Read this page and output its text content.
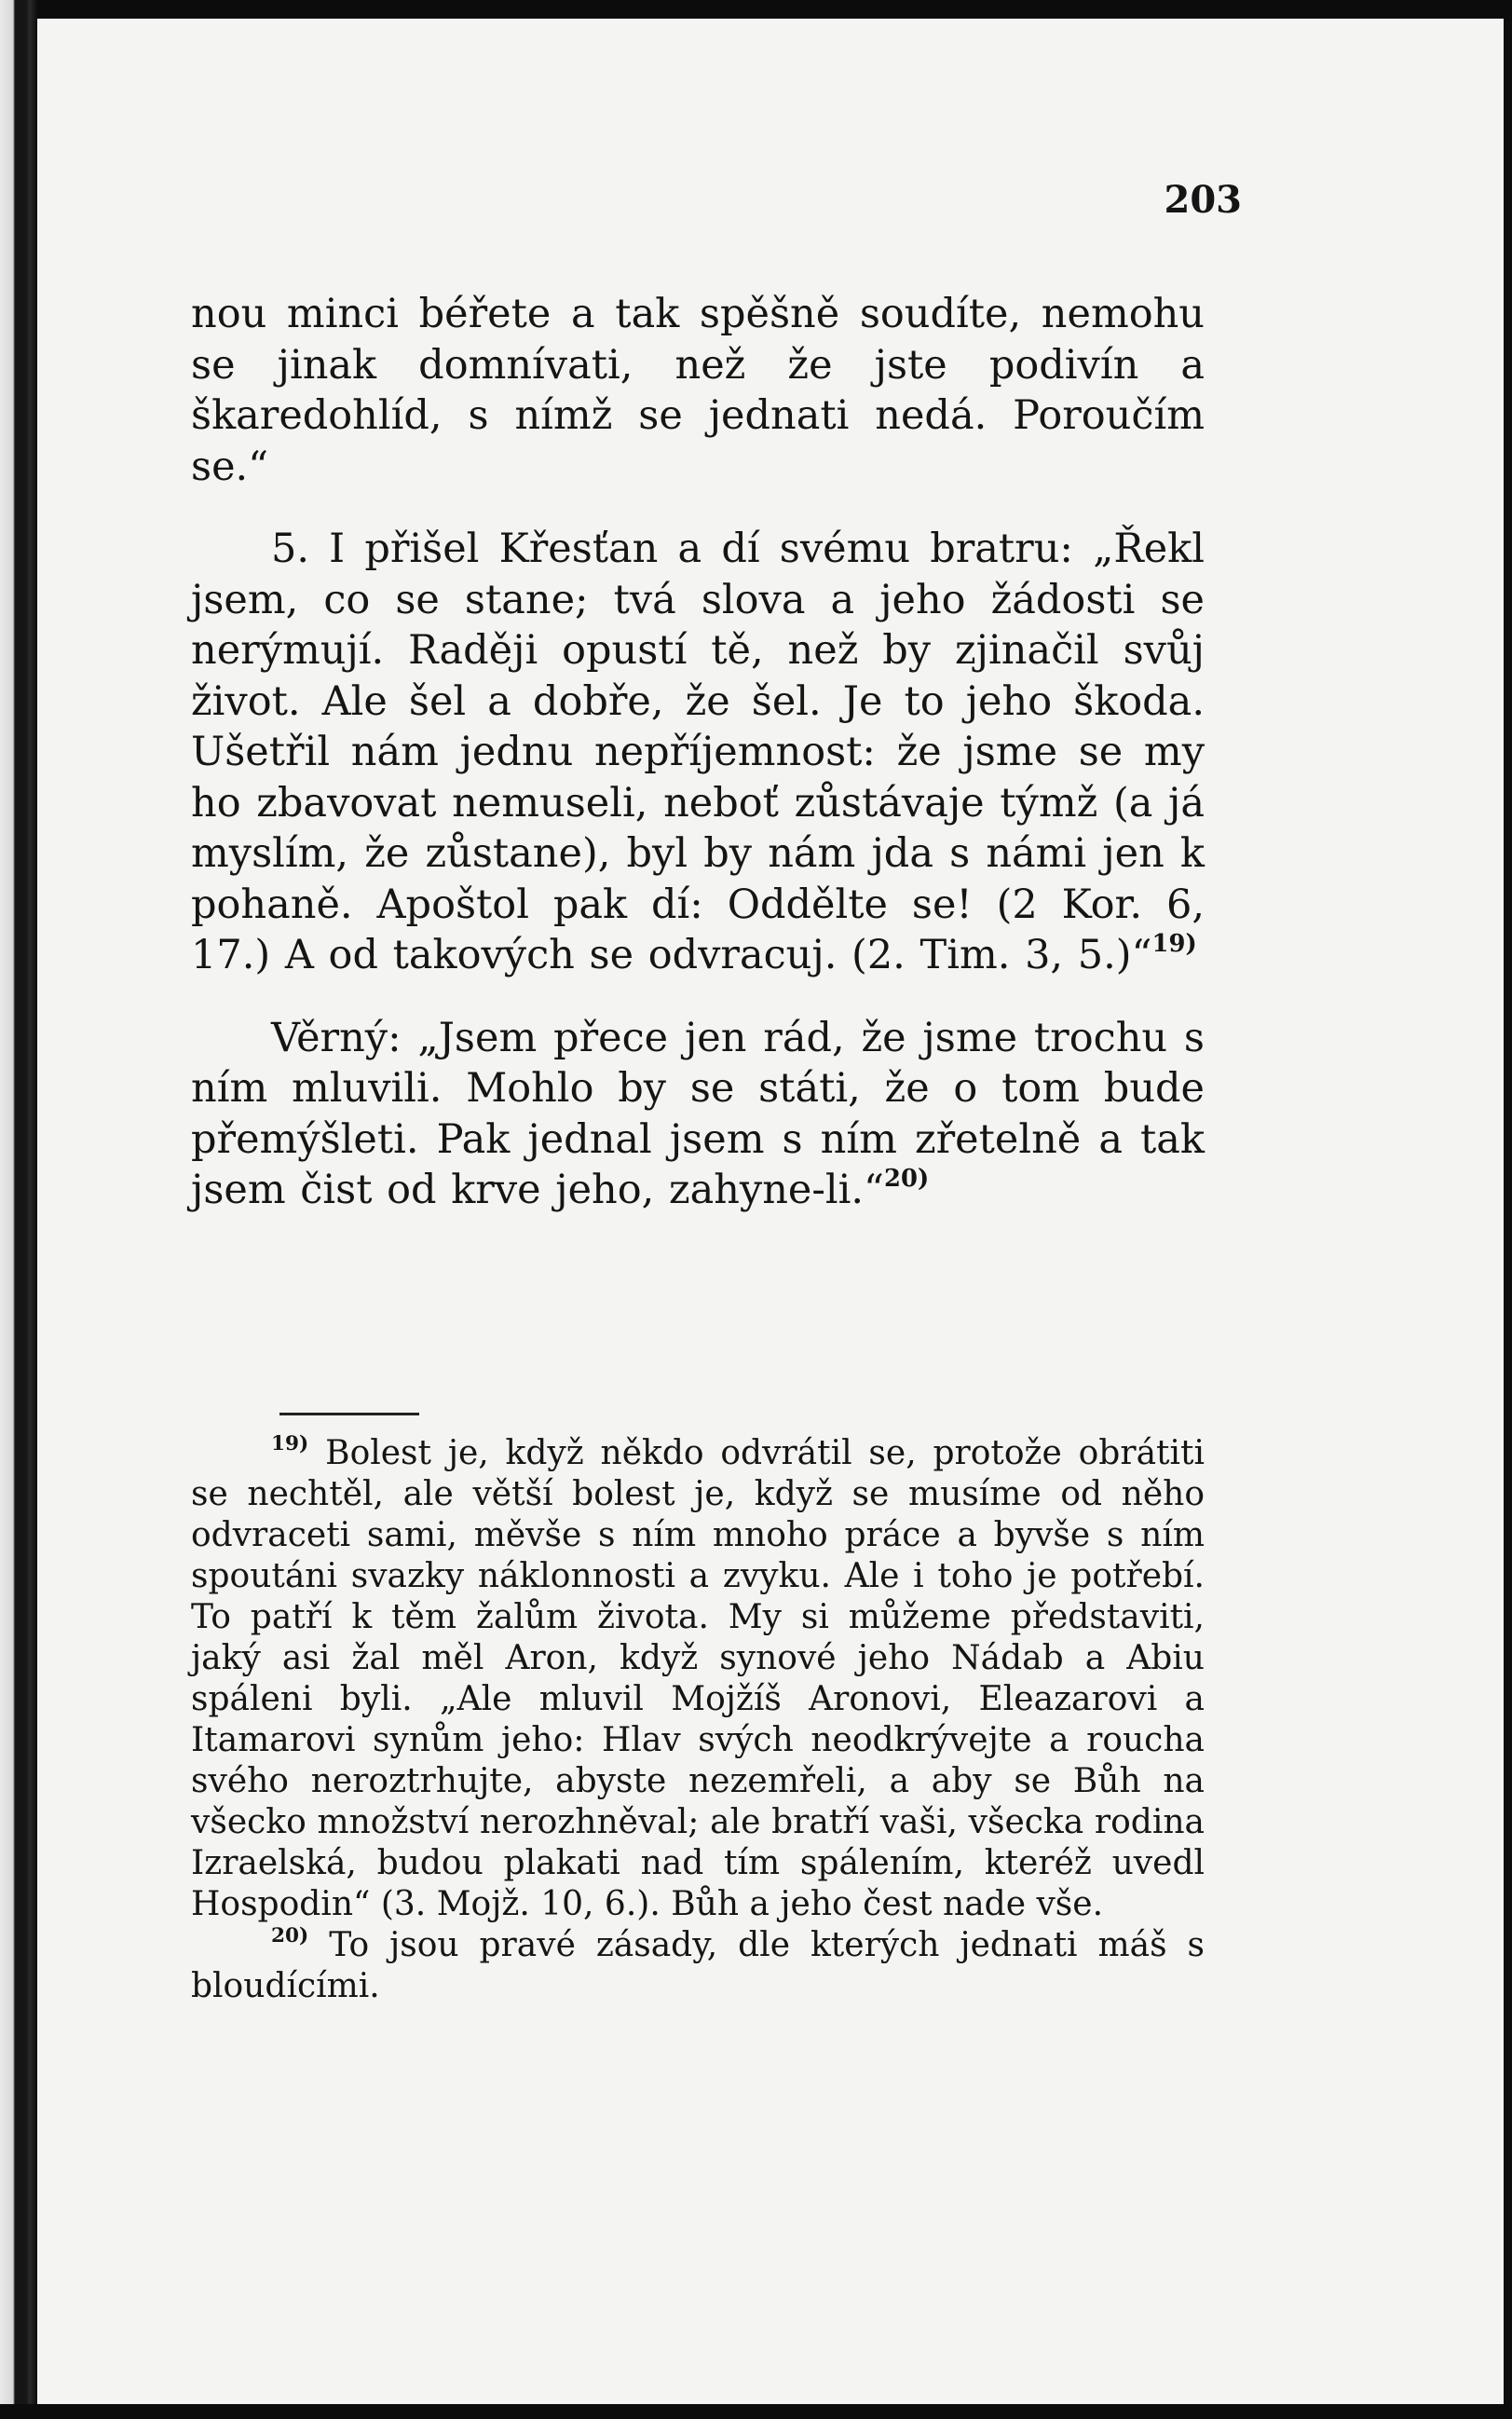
203

nou minci béřete a tak spěšně soudíte, nemohu se jinak domnívati, než že jste podivín a škaredohlíd, s nímž se jednati nedá. Poroučím se.“

5. I přišel Křesťan a dí svému bratru: „Řekl jsem, co se stane; tvá slova a jeho žádosti se nerýmují. Raději opustí tě, než by zjinačil svůj život. Ale šel a dobře, že šel. Je to jeho škoda. Ušetřil nám jednu nepříjemnost: že jsme se my ho zbavovat nemuseli, neboť zůstávaje týmž (a já myslím, že zůstane), byl by nám jda s námi jen k pohaně. Apoštol pak dí: Oddělte se! (2 Kor. 6, 17.) A od takových se odvracuj. (2. Tim. 3, 5.)“$^{19)}$

Věrný: „Jsem přece jen rád, že jsme trochu s ním mluvili. Mohlo by se státi, že o tom bude přemýšleti. Pak jednal jsem s ním zřetelně a tak jsem čist od krve jeho, zahyne-li.“$^{20)}$

$^{19)}$ Bolest je, když někdo odvrátil se, protože obrátiti se nechtěl, ale větší bolest je, když se musíme od něho odvraceti sami, měvše s ním mnoho práce a byvše s ním spoutáni svazky náklonnosti a zvyku. Ale i toho je potřebí. To patří k těm žalům života. My si můžeme představiti, jaký asi žal měl Aron, když synové jeho Nádab a Abiu spáleni byli. „Ale mluvil Mojžíš Aronovi, Eleazarovi a Itamarovi synům jeho: Hlav svých neodkrývejte a roucha svého neroztrhujte, abyste nezemřeli, a aby se Bůh na všecko množství nerozhněval; ale bratří vaši, všecka rodina Izraelská, budou plakati nad tím spálením, kteréž uvedl Hospodin“ (3. Mojž. 10, 6.). Bůh a jeho čest nade vše.

$^{20)}$ To jsou pravé zásady, dle kterých jednati máš s bloudícími.
